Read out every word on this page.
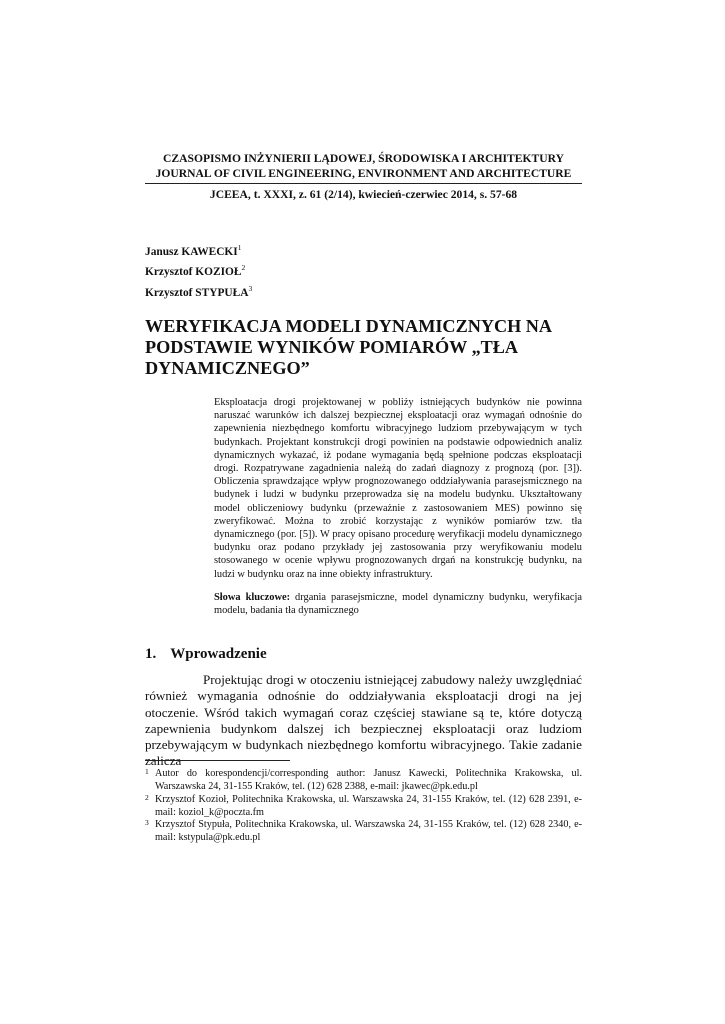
CZASOPISMO INŻYNIERII LĄDOWEJ, ŚRODOWISKA I ARCHITEKTURY
JOURNAL OF CIVIL ENGINEERING, ENVIRONMENT AND ARCHITECTURE
JCEEA, t. XXXI, z. 61 (2/14), kwiecień-czerwiec 2014, s. 57-68
Janusz KAWECKI$^1$
Krzysztof KOZIOŁ$^2$
Krzysztof STYPUŁA$^3$
WERYFIKACJA MODELI DYNAMICZNYCH NA
PODSTAWIE WYNIKÓW POMIARÓW „TŁA
DYNAMICZNEGO”
Eksploatacja drogi projektowanej w pobliży istniejących budynków nie powinna naruszać warunków ich dalszej bezpiecznej eksploatacji oraz wymagań odnośnie do zapewnienia niezbędnego komfortu wibracyjnego ludziom przebywającym w tych budynkach. Projektant konstrukcji drogi powinien na podstawie odpowiednich analiz dynamicznych wykazać, iż podane wymagania będą spełnione podczas eksploatacji drogi. Rozpatrywane zagadnienia należą do zadań diagnozy z prognozą (por. [3]). Obliczenia sprawdzające wpływ prognozowanego oddziaływania parasejsmicznego na budynek i ludzi w budynku przeprowadza się na modelu budynku. Ukształtowany model obliczeniowy budynku (przeważnie z zastosowaniem MES) powinno się zweryfikować. Można to zrobić korzystając z wyników pomiarów tzw. tła dynamicznego (por. [5]). W pracy opisano procedurę weryfikacji modelu dynamicznego budynku oraz podano przykłady jej zastosowania przy weryfikowaniu modelu stosowanego w ocenie wpływu prognozowanych drgań na konstrukcję budynku, na ludzi w budynku oraz na inne obiekty infrastruktury.
Słowa kluczowe: drgania parasejsmiczne, model dynamiczny budynku, weryfikacja modelu, badania tła dynamicznego
1. Wprowadzenie
Projektując drogi w otoczeniu istniejącej zabudowy należy uwzględniać również wymagania odnośnie do oddziaływania eksploatacji drogi na jej otoczenie. Wśród takich wymagań coraz częściej stawiane są te, które dotyczą zapewnienia budynkom dalszej ich bezpiecznej eksploatacji oraz ludziom przebywającym w budynkach niezbędnego komfortu wibracyjnego. Takie zadanie zalicza
1 Autor do korespondencji/corresponding author: Janusz Kawecki, Politechnika Krakowska, ul. Warszawska 24, 31-155 Kraków, tel. (12) 628 2388, e-mail: jkawec@pk.edu.pl
2 Krzysztof Kozioł, Politechnika Krakowska, ul. Warszawska 24, 31-155 Kraków, tel. (12) 628 2391, e-mail: koziol_k@poczta.fm
3 Krzysztof Stypuła, Politechnika Krakowska, ul. Warszawska 24, 31-155 Kraków, tel. (12) 628 2340, e-mail: kstypula@pk.edu.pl
